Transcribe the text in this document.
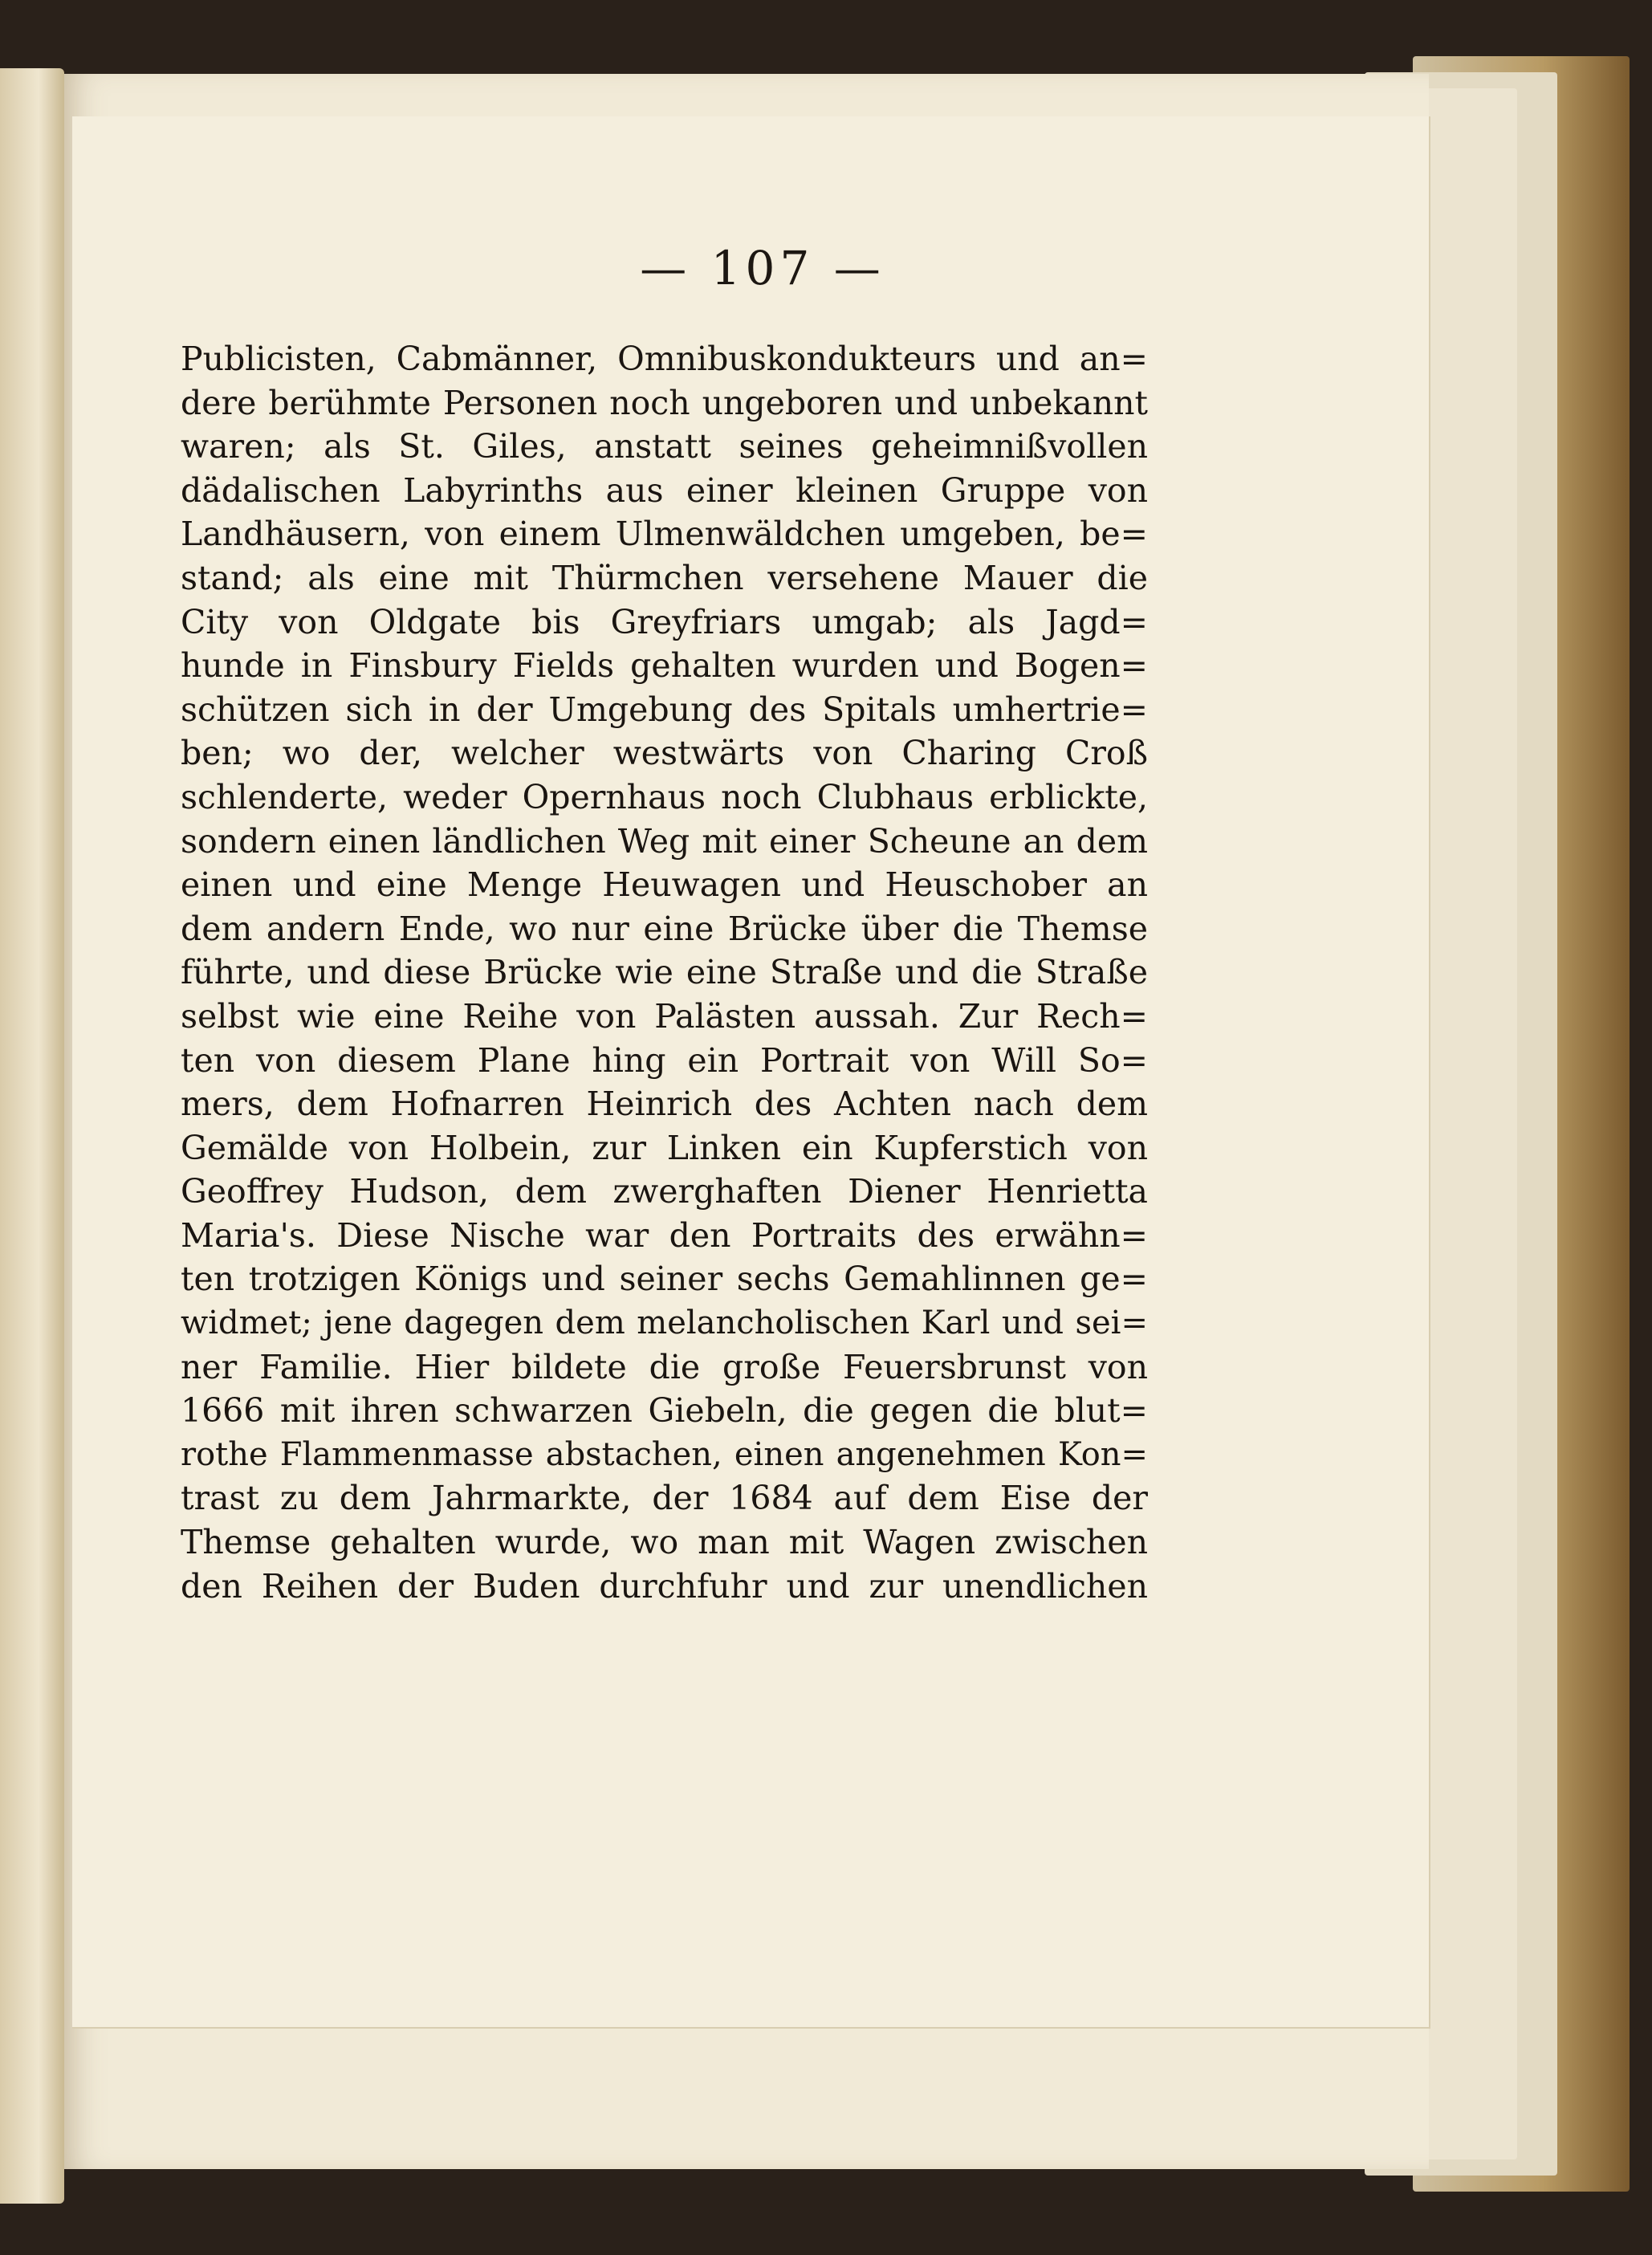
— 107 —
Publicisten, Cabmänner, Omnibuskondukteurs und an=
dere berühmte Personen noch ungeboren und unbekannt
waren; als St. Giles, anstatt seines geheimnißvollen
dädalischen Labyrinths aus einer kleinen Gruppe von
Landhäusern, von einem Ulmenwäldchen umgeben, be=
stand; als eine mit Thürmchen versehene Mauer die
City von Oldgate bis Greyfriars umgab; als Jagd=
hunde in Finsbury Fields gehalten wurden und Bogen=
schützen sich in der Umgebung des Spitals umhertrie=
ben; wo der, welcher westwärts von Charing Croß
schlenderte, weder Opernhaus noch Clubhaus erblickte,
sondern einen ländlichen Weg mit einer Scheune an dem
einen und eine Menge Heuwagen und Heuschober an
dem andern Ende, wo nur eine Brücke über die Themse
führte, und diese Brücke wie eine Straße und die Straße
selbst wie eine Reihe von Palästen aussah. Zur Rech=
ten von diesem Plane hing ein Portrait von Will So=
mers, dem Hofnarren Heinrich des Achten nach dem
Gemälde von Holbein, zur Linken ein Kupferstich von
Geoffrey Hudson, dem zwerghaften Diener Henrietta
Maria's. Diese Nische war den Portraits des erwähn=
ten trotzigen Königs und seiner sechs Gemahlinnen ge=
widmet; jene dagegen dem melancholischen Karl und sei=
ner Familie. Hier bildete die große Feuersbrunst von
1666 mit ihren schwarzen Giebeln, die gegen die blut=
rothe Flammenmasse abstachen, einen angenehmen Kon=
trast zu dem Jahrmarkte, der 1684 auf dem Eise der
Themse gehalten wurde, wo man mit Wagen zwischen
den Reihen der Buden durchfuhr und zur unendlichen
